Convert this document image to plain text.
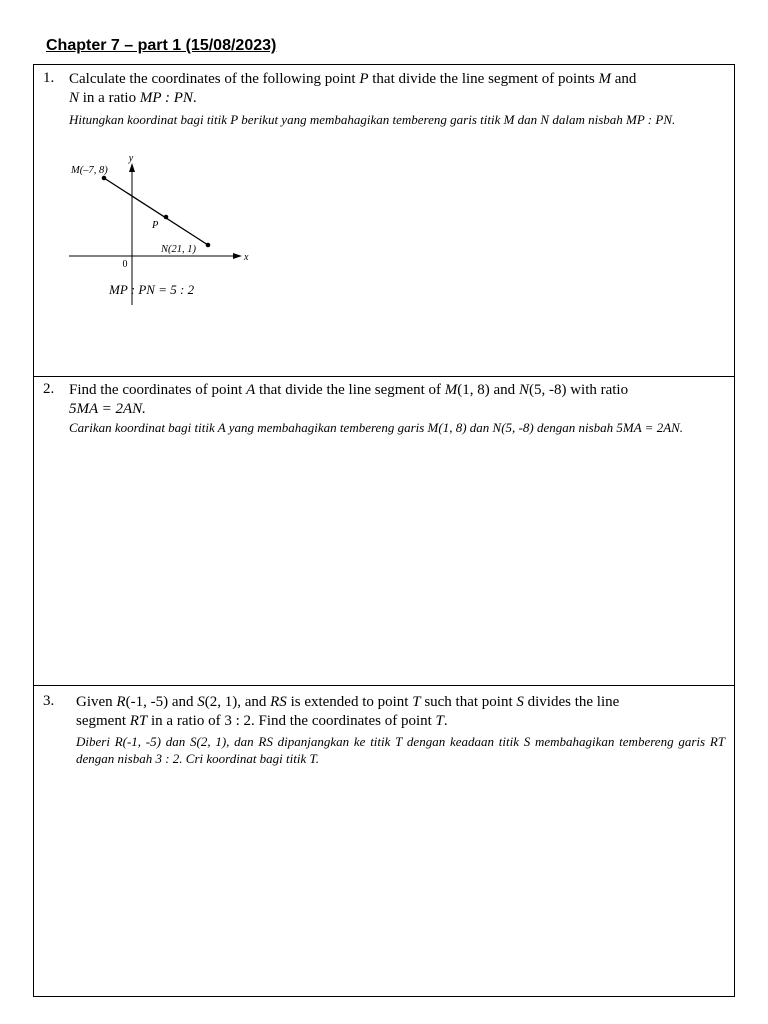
Chapter 7 – part 1 (15/08/2023)
1. Calculate the coordinates of the following point P that divide the line segment of points M and
N in a ratio MP : PN.
Hitungkan koordinat bagi titik P berikut yang membahagikan tembereng garis titik M dan N dalam nisbah MP : PN.
y
x
0
M(–7, 8)
P
N(21, 1)
MP : PN = 5 : 2
2. Find the coordinates of point A that divide the line segment of M(1, 8) and N(5, -8) with ratio
5MA = 2AN.
Carikan koordinat bagi titik A yang membahagikan tembereng garis M(1, 8) dan N(5, -8) dengan nisbah 5MA = 2AN.
3. Given R(-1, -5) and S(2, 1), and RS is extended to point T such that point S divides the line
segment RT in a ratio of 3 : 2. Find the coordinates of point T.
Diberi R(-1, -5) dan S(2, 1), dan RS dipanjangkan ke titik T dengan keadaan titik S membahagikan tembereng garis RT dengan nisbah 3 : 2. Cri koordinat bagi titik T.
